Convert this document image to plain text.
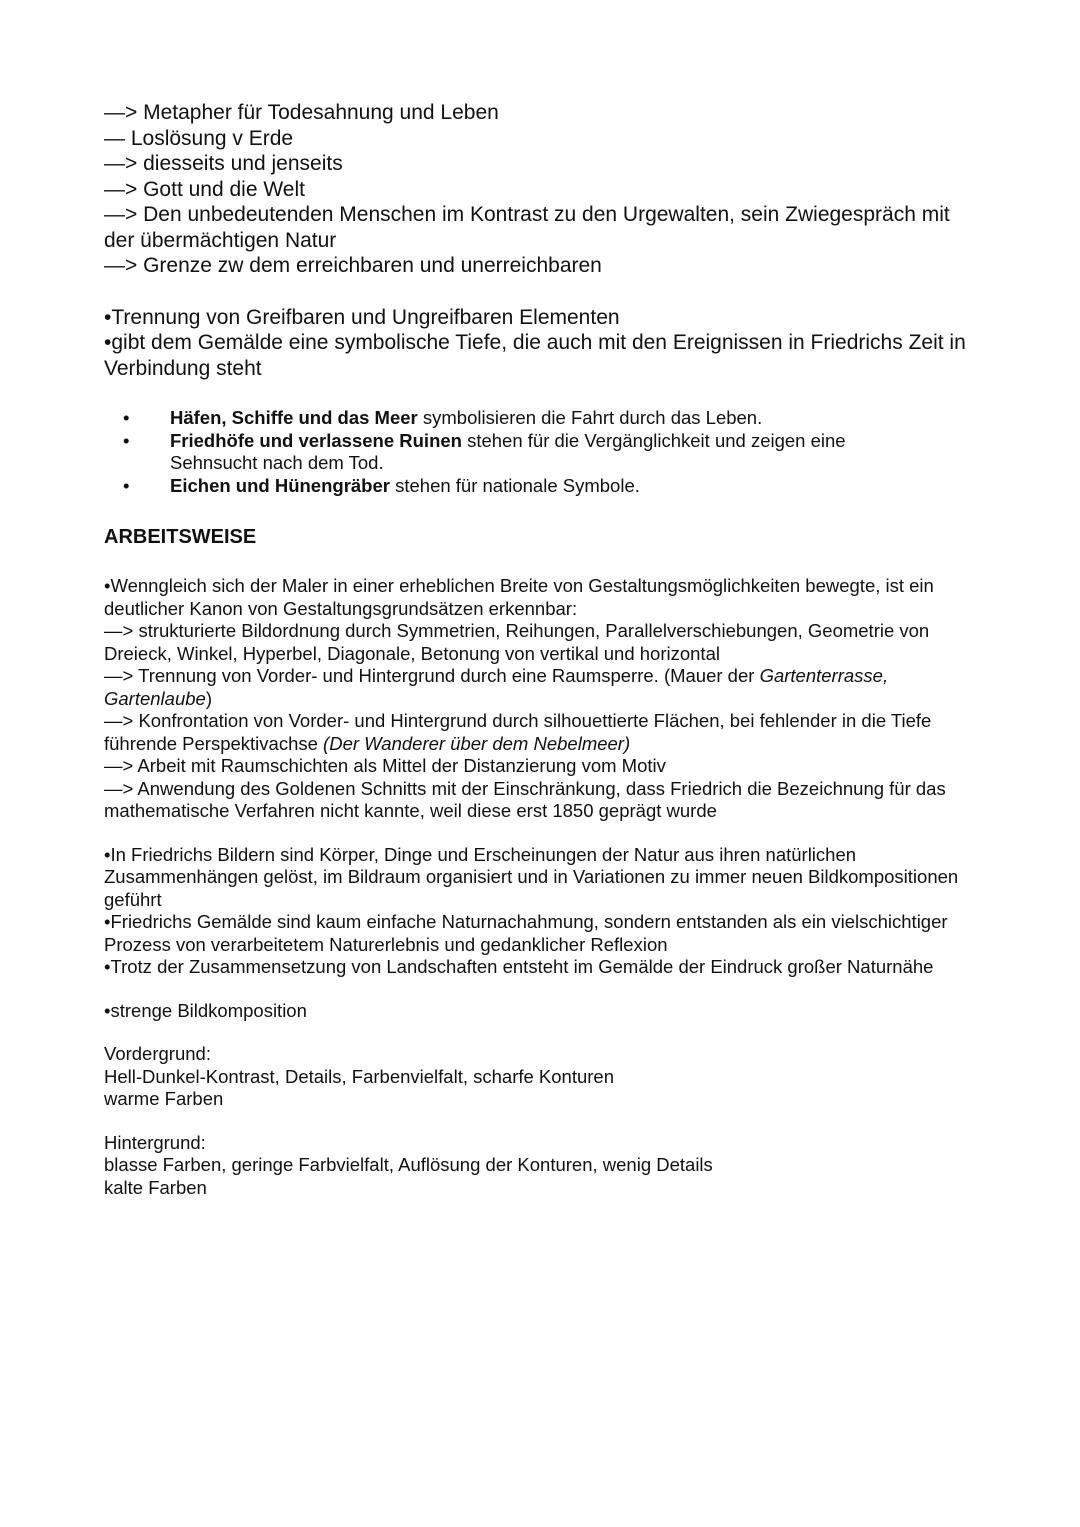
—> Metapher für Todesahnung und Leben
— Loslösung v Erde
—> diesseits und jenseits
—> Gott und die Welt
—> Den unbedeutenden Menschen im Kontrast zu den Urgewalten, sein Zwiegespräch mit der übermächtigen Natur
—> Grenze zw dem erreichbaren und unerreichbaren
•Trennung von Greifbaren und Ungreifbaren Elementen
•gibt dem Gemälde eine symbolische Tiefe, die auch mit den Ereignissen in Friedrichs Zeit in Verbindung steht
•	Häfen, Schiffe und das Meer symbolisieren die Fahrt durch das Leben.
•	Friedhöfe und verlassene Ruinen stehen für die Vergänglichkeit und zeigen eine Sehnsucht nach dem Tod.
•	Eichen und Hünengräber stehen für nationale Symbole.
ARBEITSWEISE
•Wenngleich sich der Maler in einer erheblichen Breite von Gestaltungsmöglichkeiten bewegte, ist ein deutlicher Kanon von Gestaltungsgrundsätzen erkennbar:
—> strukturierte Bildordnung durch Symmetrien, Reihungen, Parallelverschiebungen, Geometrie von Dreieck, Winkel, Hyperbel, Diagonale, Betonung von vertikal und horizontal
—> Trennung von Vorder- und Hintergrund durch eine Raumsperre. (Mauer der Gartenterrasse, Gartenlaube)
—> Konfrontation von Vorder- und Hintergrund durch silhouettierte Flächen, bei fehlender in die Tiefe führende Perspektivachse (Der Wanderer über dem Nebelmeer)
—> Arbeit mit Raumschichten als Mittel der Distanzierung vom Motiv
—> Anwendung des Goldenen Schnitts mit der Einschränkung, dass Friedrich die Bezeichnung für das mathematische Verfahren nicht kannte, weil diese erst 1850 geprägt wurde
•In Friedrichs Bildern sind Körper, Dinge und Erscheinungen der Natur aus ihren natürlichen Zusammenhängen gelöst, im Bildraum organisiert und in Variationen zu immer neuen Bildkompositionen geführt
•Friedrichs Gemälde sind kaum einfache Naturnachahmung, sondern entstanden als ein vielschichtiger Prozess von verarbeitetem Naturerlebnis und gedanklicher Reflexion
•Trotz der Zusammensetzung von Landschaften entsteht im Gemälde der Eindruck großer Naturnähe
•strenge Bildkomposition
Vordergrund:
Hell-Dunkel-Kontrast, Details, Farbenvielfalt, scharfe Konturen
warme Farben
Hintergrund:
blasse Farben, geringe Farbvielfalt, Auflösung der Konturen, wenig Details
kalte Farben
